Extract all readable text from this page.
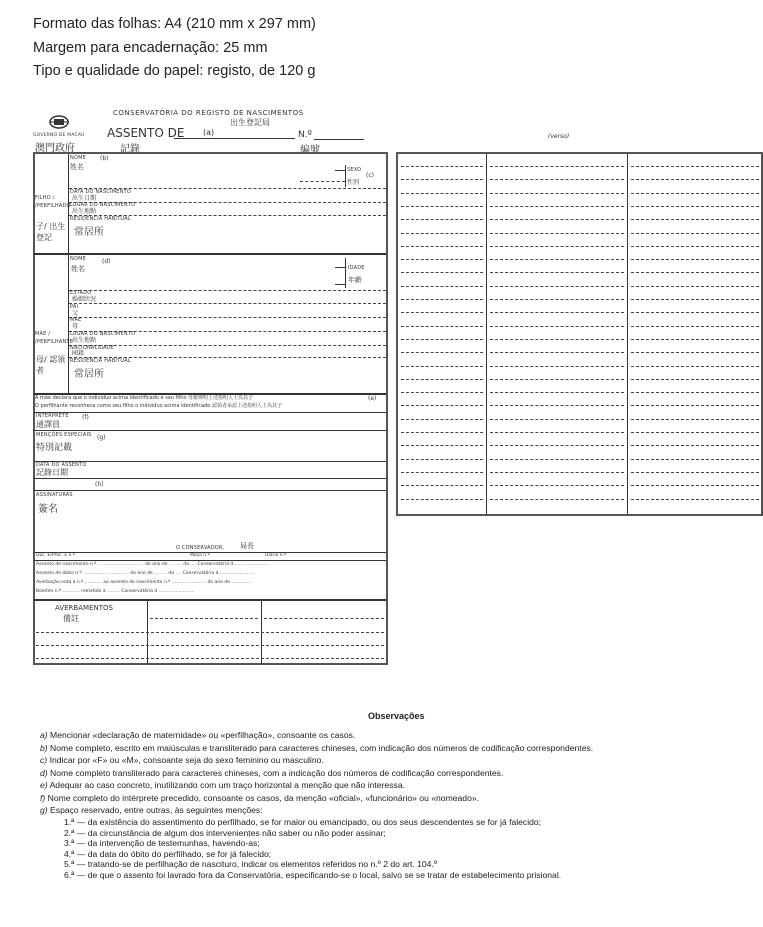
Formato das folhas: A4 (210 mm x 297 mm)
Margem para encadernação: 25 mm
Tipo e qualidade do papel: registo, de 120 g
GOVERNO DE MACAU
澳門政府
CONSERVATÓRIA DO REGISTO DE NASCIMENTOS
出生登記局
ASSENTO DE (a)
記錄
N.º
編號
FILHO / /PERFILHADO
子/ 出生登記
NOME (b)
姓名	SEXO
性別
(c)
DATA DO NASCIMENTO
出生日期
LUGAR DO NASCIMENTO
出生地點
RESIDÊNCIA HABITUAL
常居所
MÃE / /PERFILHANTE
母/ 認領者
NOME	(d)
姓名	IDADE
年齡
ESTADO
婚姻狀況
PAI
父
MÃE
母
LUGAR DO NASCIMENTO
出生地點
NACIONALIDADE
國籍
RESIDÊNCIA HABITUAL
常居所
A mãe declara que o indivíduo acima identificado é seu filho 母親聲明上述指明人士為其子
O perfilhante reconhece como seu filho o indivíduo acima identificado 認領者承認上述指明人士為其子
(e)
INTÉRPRETE (f)
通譯員
MENÇÕES ESPECIAIS (g)
特別記載
DATA DO ASSENTO
記錄日期
(h)
ASSINATURAS
簽名
O CONSERVADOR, 局長
Doc. E/Proc. E n.º	Maço n.º	Diário n.º
Assento de nascimento n.º ................................ do ano de ......... da .... Conservatória d.........................
Assento de óbito n.º ................................ do ano de ......... da .... Conservatória d.........................
Averbação nota a n.º ............ ao assento de nascimento n.º ........................ do ano de ..............
Boletim n.º ............ remetido à ......... Conservatória d .........................
AVERBAMENTOS
備註
(verso)
Observações
a) Mencionar «declaração de maternidade» ou «perfilhação», consoante os casos.
b) Nome completo, escrito em maiúsculas e transliterado para caracteres chineses, com indicação dos números de codificação correspondentes.
c) Indicar por «F» ou «M», consoante seja do sexo feminino ou masculino.
d) Nome completo transliterado para caracteres chineses, com a indicação dos números de codificação correspondentes.
e) Adequar ao caso concreto, inutilizando com um traço horizontal a menção que não interessa.
f) Nome completo do intérprete precedido, consoante os casos, da menção «oficial», «funcionário» ou «nomeado».
g) Espaço reservado, entre outras, às seguintes menções:
1.ª — da existência do assentimento do perfilhado, se for maior ou emancipado, ou dos seus descendentes se for já falecido;
2.ª — da circunstância de algum dos intervenientes não saber ou não poder assinar;
3.ª — da intervenção de testemunhas, havendo-as;
4.ª — da data do óbito do perfilhado, se for já falecido;
5.ª — tratando-se de perfilhação de nascituro, indicar os elementos referidos no n.º 2 do art. 104.º
6.ª — de que o assento foi lavrado fora da Conservatória, especificando-se o local, salvo se se tratar de estabelecimento prisional.
